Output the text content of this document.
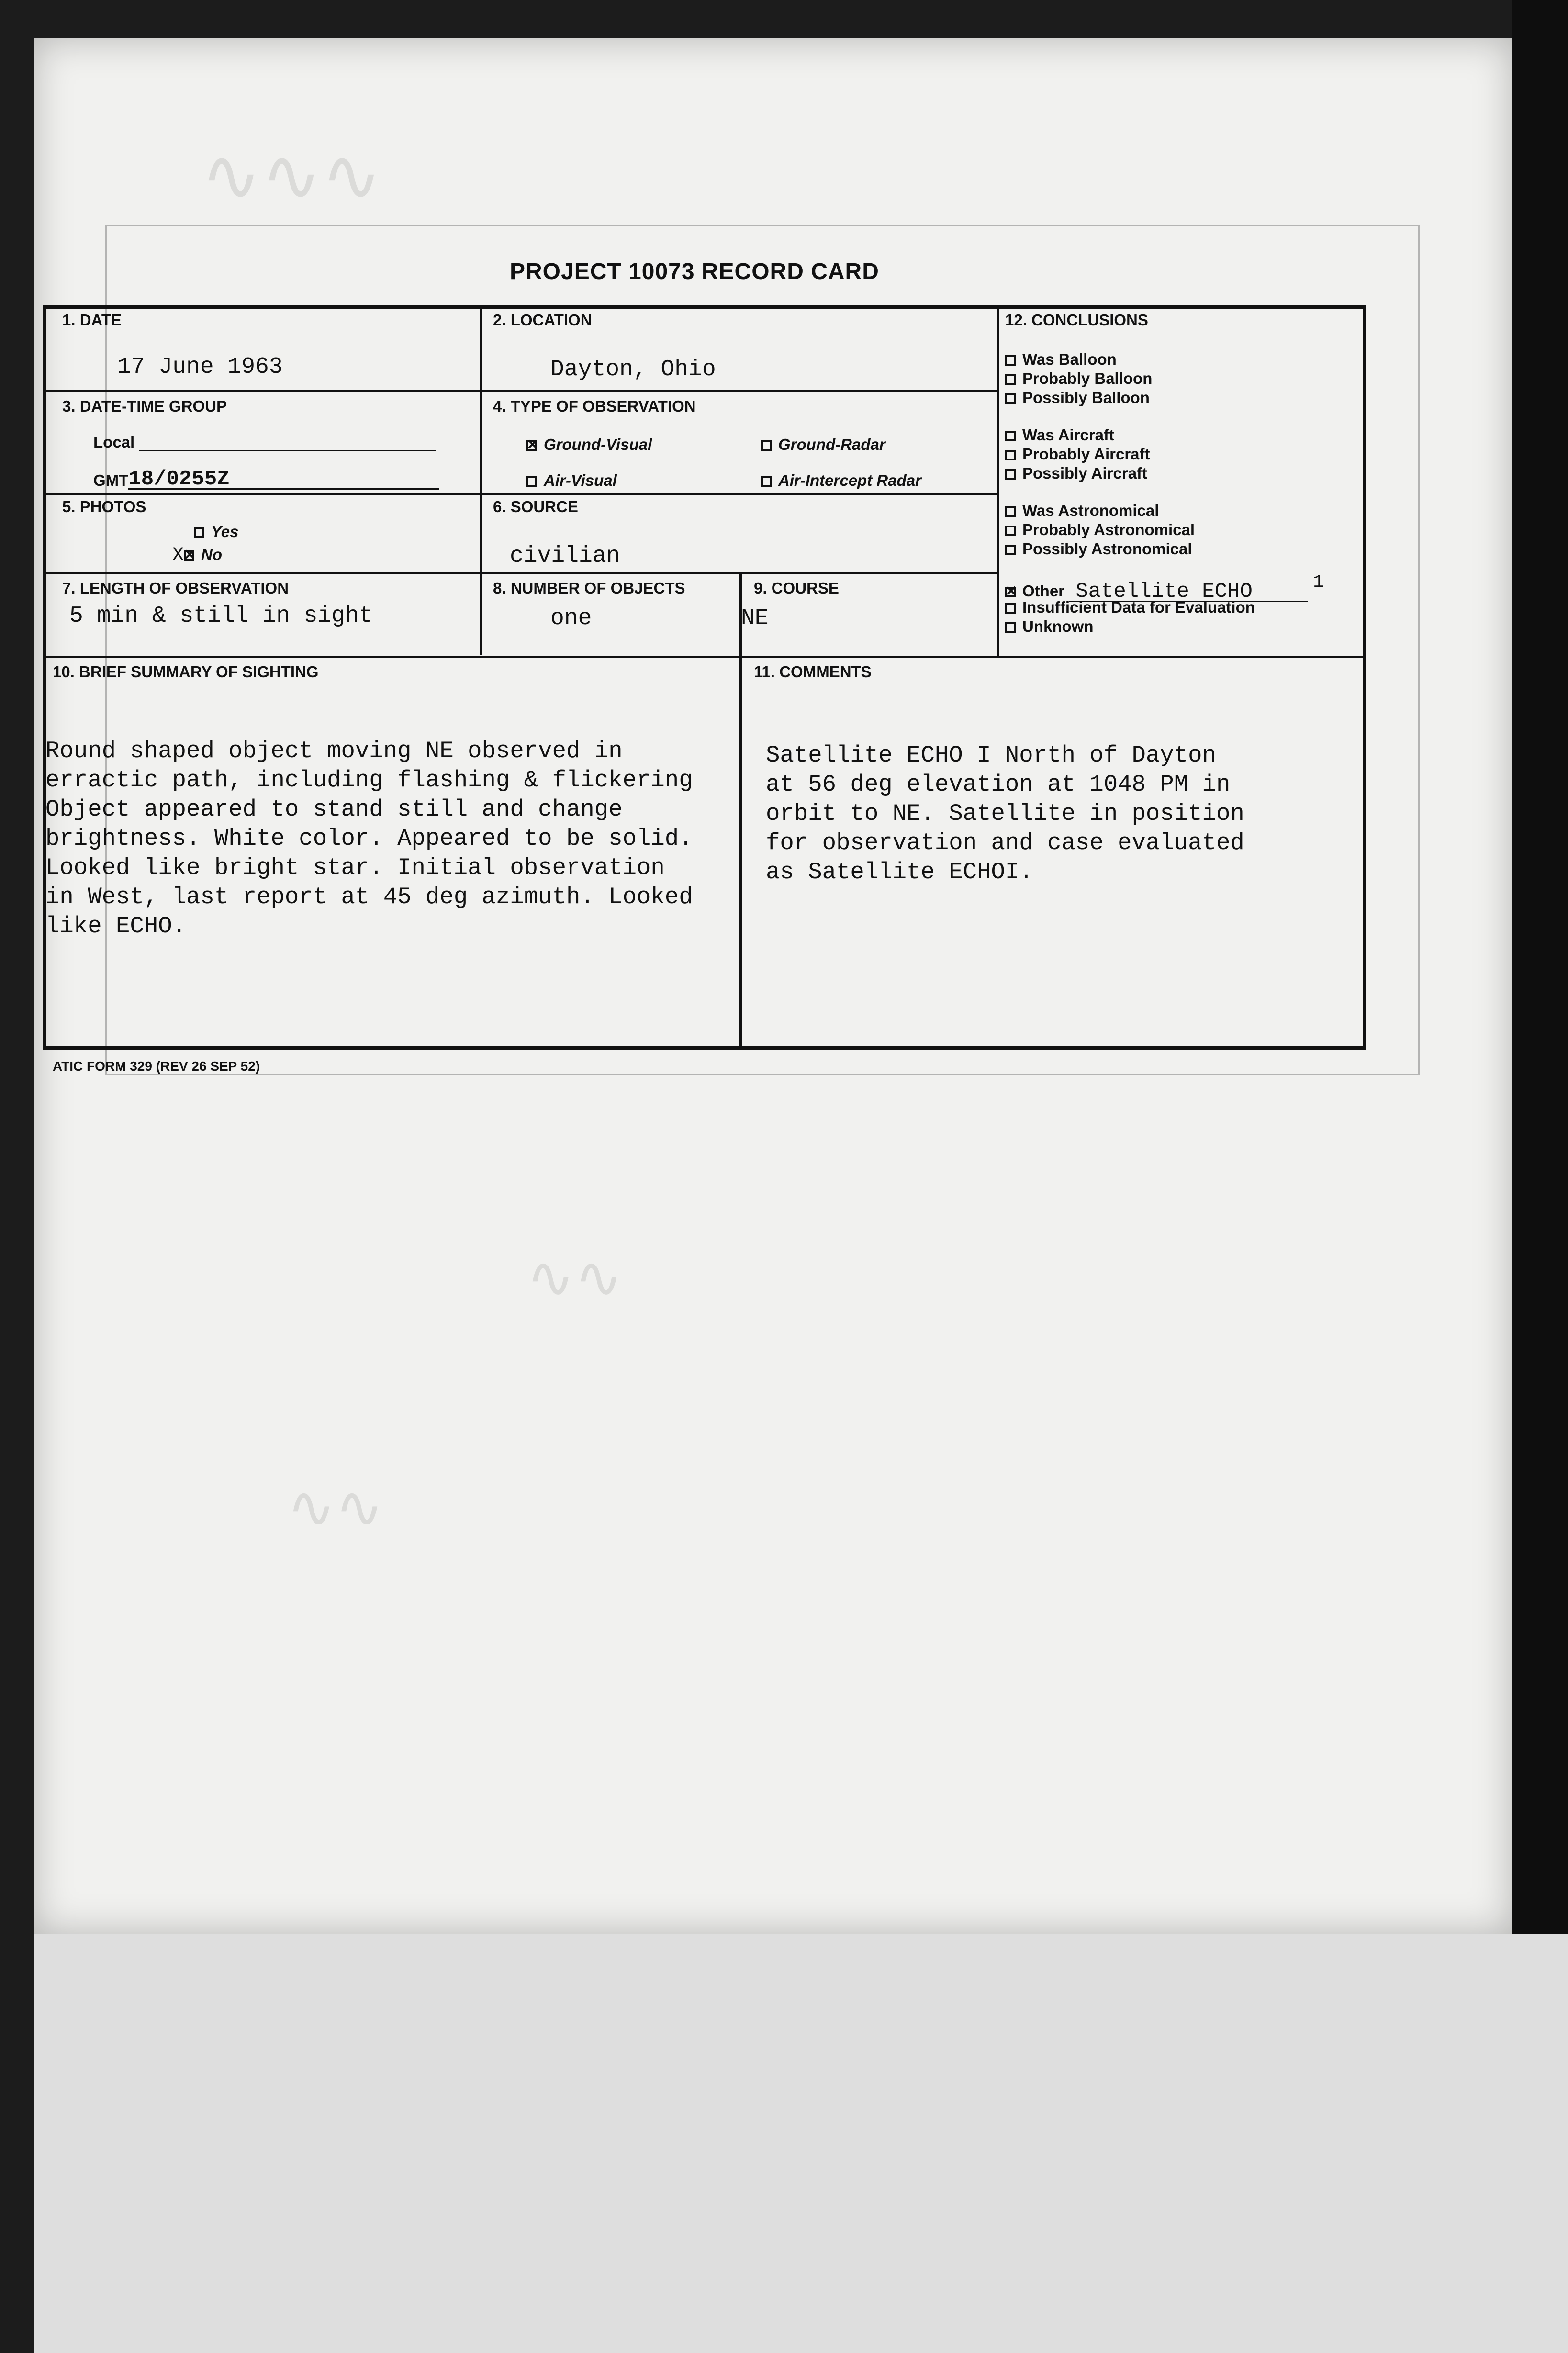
∿∿∿
∿∿
∿∿
PROJECT 10073 RECORD CARD
1. DATE
17 June 1963
2. LOCATION
Dayton, Ohio
3. DATE-TIME GROUP
Local
GMT18/0255Z
4. TYPE OF OBSERVATION
✕Ground-Visual	Ground-Radar
Air-Visual	Air-Intercept Radar
5. PHOTOS
Yes
X✕ No
6. SOURCE
civilian
7. LENGTH OF OBSERVATION
5 min & still in sight
8. NUMBER OF OBJECTS
one
9. COURSE
NE
12. CONCLUSIONS
Was Balloon
Probably Balloon
Possibly Balloon
Was Aircraft
Probably Aircraft
Possibly Aircraft
Was Astronomical
Probably Astronomical
Possibly Astronomical
✕Other Satellite ECHO	1
Insufficient Data for Evaluation
Unknown
10. BRIEF SUMMARY OF SIGHTING

Round shaped object moving NE observed in
erractic path, including flashing & flickering
Object appeared to stand still and change
brightness. White color. Appeared to be solid.
Looked like bright star. Initial observation
in West, last report at 45 deg azimuth. Looked
like ECHO.
11. COMMENTS

Satellite ECHO I North of Dayton
at 56 deg elevation at 1048 PM in
orbit to NE. Satellite in position
for observation and case evaluated
as Satellite ECHOI.
ATIC FORM 329 (REV 26 SEP 52)
